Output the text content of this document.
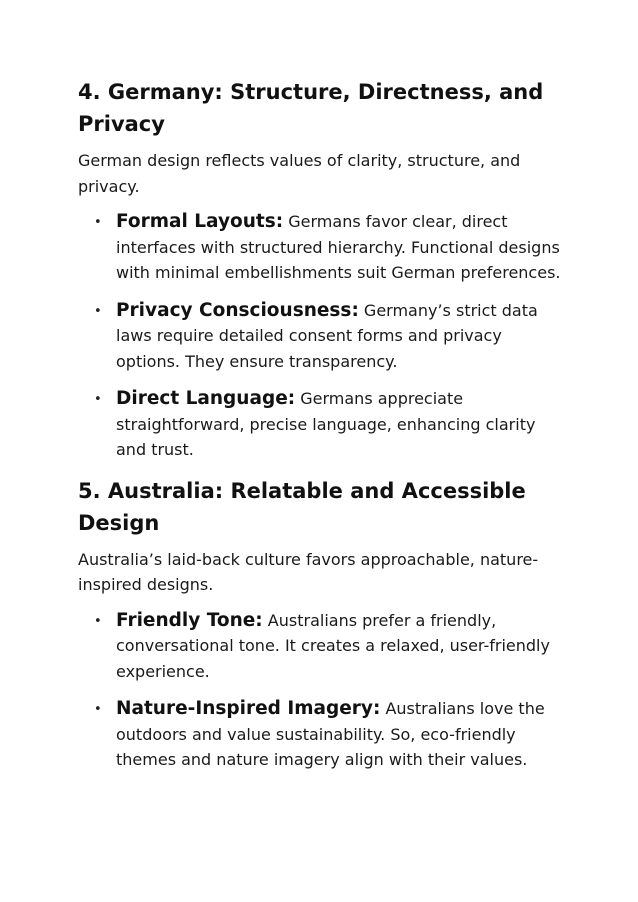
4. Germany: Structure, Directness, and Privacy

German design reflects values of clarity, structure, and privacy.

• Formal Layouts: Germans favor clear, direct interfaces with structured hierarchy. Functional designs with minimal embellishments suit German preferences.
• Privacy Consciousness: Germany’s strict data laws require detailed consent forms and privacy options. They ensure transparency.
• Direct Language: Germans appreciate straightforward, precise language, enhancing clarity and trust.
5. Australia: Relatable and Accessible Design

Australia’s laid-back culture favors approachable, nature-inspired designs.

• Friendly Tone: Australians prefer a friendly, conversational tone. It creates a relaxed, user-friendly experience.
• Nature-Inspired Imagery: Australians love the outdoors and value sustainability. So, eco-friendly themes and nature imagery align with their values.
